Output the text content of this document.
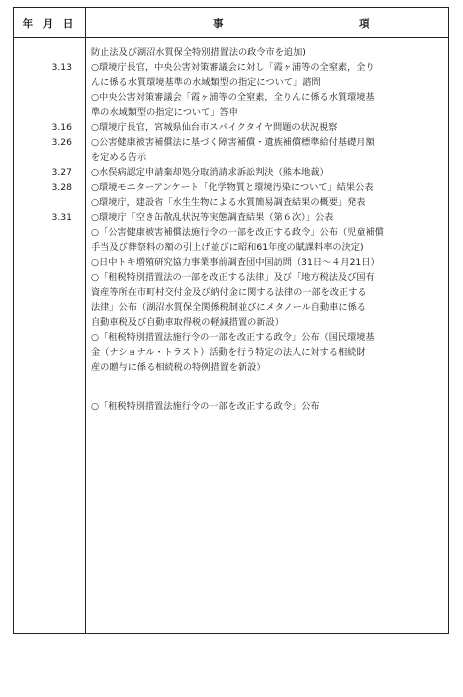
年 月 日	事	項
防止法及び湖沼水質保全特別措置法の政令市を追加)
3.13	○環境庁長官，中央公害対策審議会に対し「霞ヶ浦等の全窒素，全り
んに係る水質環境基準の水域類型の指定について」諮問
○中央公害対策審議会「霞ヶ浦等の全窒素，全りんに係る水質環境基
準の水域類型の指定について」答申
3.16	○環境庁長官，宮城県仙台市スパイクタイヤ問題の状況視察
3.26	○公害健康被害補償法に基づく障害補償・遺族補償標準給付基礎月額
を定める告示
3.27	○水俣病認定申請棄却処分取消請求訴訟判決（熊本地裁）
3.28	○環境モニターアンケート「化学物質と環境汚染について」結果公表
○環境庁，建設省「水生生物による水質簡易調査結果の概要」発表
3.31	○環境庁「空き缶散乱状況等実態調査結果（第６次）」公表
○「公害健康被害補償法施行令の一部を改正する政令」公布（児童補償
手当及び葬祭料の額の引上げ並びに昭和61年度の賦課料率の決定)
○日中トキ増殖研究協力事業事前調査団中国訪問（31日～４月21日）
○「租税特別措置法の一部を改正する法律」及び「地方税法及び国有
資産等所在市町村交付金及び納付金に関する法律の一部を改正する
法律」公布（湖沼水質保全関係税制並びにメタノール自動車に係る
自動車税及び自動車取得税の軽減措置の新設）
○「租税特別措置法施行令の一部を改正する政令」公布（国民環境基
金（ナショナル・トラスト）活動を行う特定の法人に対する相続財
産の贈与に係る相続税の特例措置を新設）
○「租税特別措置法施行令の一部を改正する政令」公布
